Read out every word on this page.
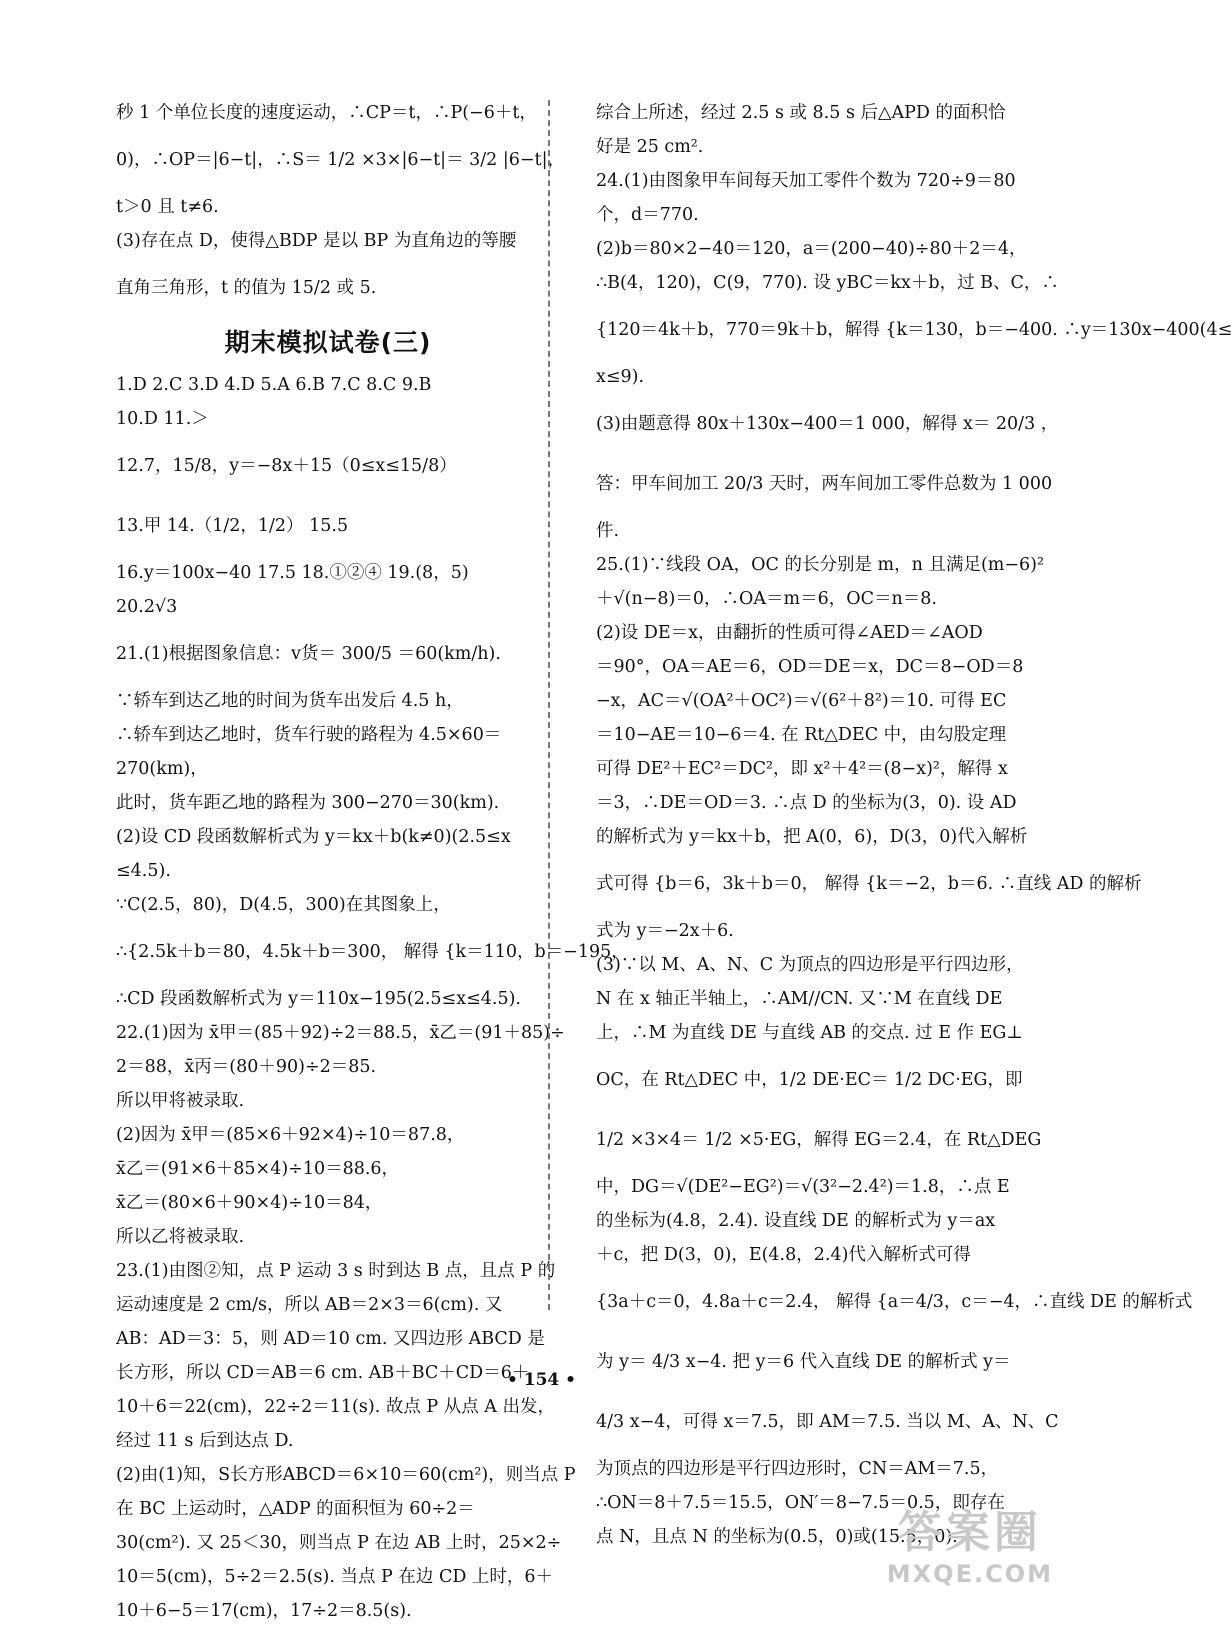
秒 1 个单位长度的速度运动，∴CP＝t，∴P(−6＋t，
0)，∴OP＝|6−t|，∴S＝ 1/2 ×3×|6−t|＝ 3/2 |6−t|，
t＞0 且 t≠6.
(3)存在点 D，使得△BDP 是以 BP 为直角边的等腰
直角三角形，t 的值为 15/2 或 5.
期末模拟试卷(三)
1.D 2.C 3.D 4.D 5.A 6.B 7.C 8.C 9.B
10.D 11.＞
12.7，15/8，y＝−8x＋15（0≤x≤15/8）
13.甲 14.（1/2，1/2） 15.5
16.y＝100x−40 17.5 18.①②④ 19.(8，5)
20.2√3
21.(1)根据图象信息：v货＝ 300/5 ＝60(km/h).
∵轿车到达乙地的时间为货车出发后 4.5 h，
∴轿车到达乙地时，货车行驶的路程为 4.5×60＝
270(km)，
此时，货车距乙地的路程为 300−270＝30(km).
(2)设 CD 段函数解析式为 y＝kx＋b(k≠0)(2.5≤x
≤4.5).
∵C(2.5，80)，D(4.5，300)在其图象上，
∴{2.5k＋b＝80，4.5k＋b＝300， 解得 {k＝110，b＝−195，
∴CD 段函数解析式为 y＝110x−195(2.5≤x≤4.5).
22.(1)因为 x̄甲＝(85＋92)÷2＝88.5，x̄乙＝(91＋85)÷
2＝88，x̄丙＝(80＋90)÷2＝85.
所以甲将被录取.
(2)因为 x̄甲＝(85×6＋92×4)÷10＝87.8，
x̄乙＝(91×6＋85×4)÷10＝88.6，
x̄乙＝(80×6＋90×4)÷10＝84，
所以乙将被录取.
23.(1)由图②知，点 P 运动 3 s 时到达 B 点，且点 P 的
运动速度是 2 cm/s，所以 AB＝2×3＝6(cm). 又
AB：AD＝3：5，则 AD＝10 cm. 又四边形 ABCD 是
长方形，所以 CD＝AB＝6 cm. AB＋BC＋CD＝6＋
10＋6＝22(cm)，22÷2＝11(s). 故点 P 从点 A 出发，
经过 11 s 后到达点 D.
(2)由(1)知，S长方形ABCD＝6×10＝60(cm²)，则当点 P
在 BC 上运动时，△ADP 的面积恒为 60÷2＝
30(cm²). 又 25＜30，则当点 P 在边 AB 上时，25×2÷
10＝5(cm)，5÷2＝2.5(s). 当点 P 在边 CD 上时，6＋
10＋6−5＝17(cm)，17÷2＝8.5(s).
综合上所述，经过 2.5 s 或 8.5 s 后△APD 的面积恰
好是 25 cm².
24.(1)由图象甲车间每天加工零件个数为 720÷9＝80
个，d＝770.
(2)b＝80×2−40＝120，a＝(200−40)÷80＋2＝4，
∴B(4，120)，C(9，770). 设 yBC＝kx＋b，过 B、C，∴
{120＝4k＋b，770＝9k＋b，解得 {k＝130，b＝−400. ∴y＝130x−400(4≤
x≤9).
(3)由题意得 80x＋130x−400＝1 000，解得 x＝ 20/3 ，
答：甲车间加工 20/3 天时，两车间加工零件总数为 1 000
件.
25.(1)∵线段 OA，OC 的长分别是 m，n 且满足(m−6)²
＋√(n−8)＝0，∴OA＝m＝6，OC＝n＝8.
(2)设 DE＝x，由翻折的性质可得∠AED＝∠AOD
＝90°，OA＝AE＝6，OD＝DE＝x，DC＝8−OD＝8
−x，AC＝√(OA²＋OC²)＝√(6²＋8²)＝10. 可得 EC
＝10−AE＝10−6＝4. 在 Rt△DEC 中，由勾股定理
可得 DE²＋EC²＝DC²，即 x²＋4²＝(8−x)²，解得 x
＝3，∴DE＝OD＝3. ∴点 D 的坐标为(3，0). 设 AD
的解析式为 y＝kx＋b，把 A(0，6)，D(3，0)代入解析
式可得 {b＝6，3k＋b＝0， 解得 {k＝−2，b＝6. ∴直线 AD 的解析
式为 y＝−2x＋6.
(3)∵以 M、A、N、C 为顶点的四边形是平行四边形，
N 在 x 轴正半轴上，∴AM//CN. 又∵M 在直线 DE
上，∴M 为直线 DE 与直线 AB 的交点. 过 E 作 EG⊥
OC，在 Rt△DEC 中，1/2 DE·EC＝ 1/2 DC·EG，即
1/2 ×3×4＝ 1/2 ×5·EG，解得 EG＝2.4，在 Rt△DEG
中，DG＝√(DE²−EG²)＝√(3²−2.4²)＝1.8，∴点 E
的坐标为(4.8，2.4). 设直线 DE 的解析式为 y＝ax
＋c，把 D(3，0)，E(4.8，2.4)代入解析式可得
{3a＋c＝0，4.8a＋c＝2.4， 解得 {a＝4/3，c＝−4，∴直线 DE 的解析式
为 y＝ 4/3 x−4. 把 y＝6 代入直线 DE 的解析式 y＝
4/3 x−4，可得 x＝7.5，即 AM＝7.5. 当以 M、A、N、C
为顶点的四边形是平行四边形时，CN＝AM＝7.5，
∴ON＝8＋7.5＝15.5，ON′＝8−7.5＝0.5，即存在
点 N，且点 N 的坐标为(0.5，0)或(15.5，0).
• 154 •
答案圈
MXQE.COM
